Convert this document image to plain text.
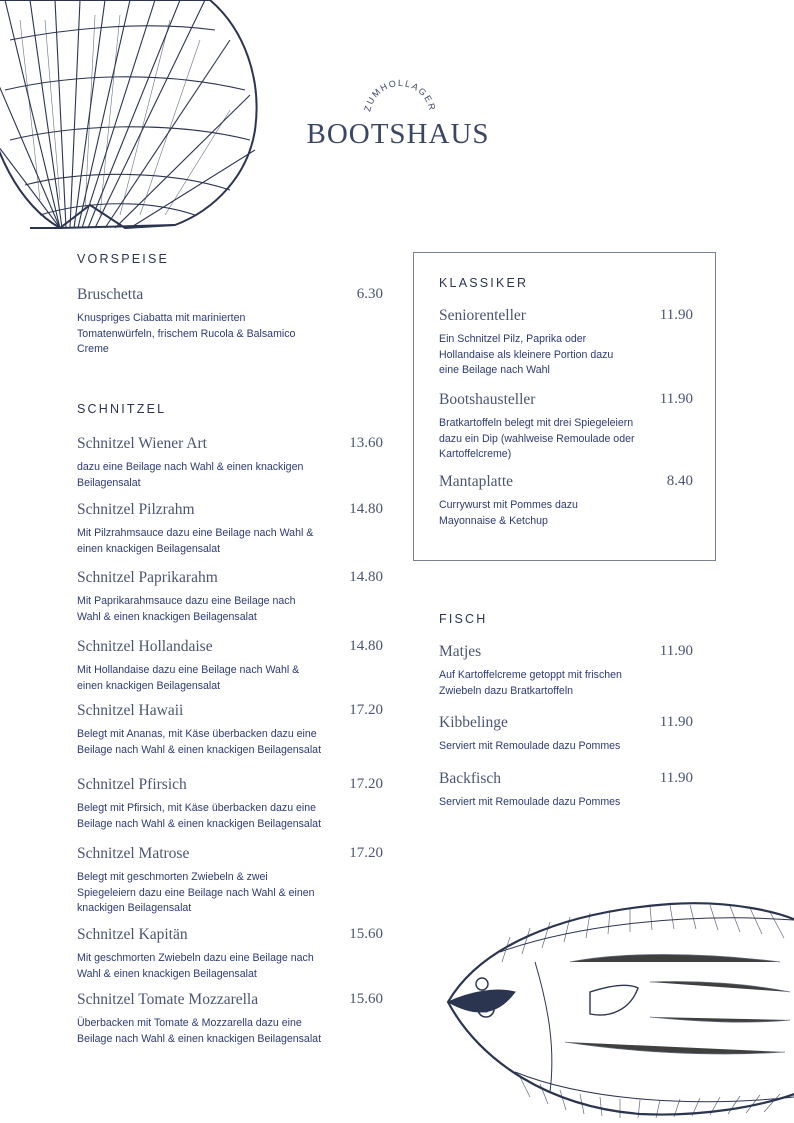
ZUMHOLLAGER
BOOTSHAUS
VORSPEISE
Bruschetta	6.30
Knuspriges Ciabatta mit marinierten
Tomatenwürfeln, frischem Rucola & Balsamico
Creme
SCHNITZEL
Schnitzel Wiener Art	13.60
dazu eine Beilage nach Wahl & einen knackigen
Beilagensalat
Schnitzel Pilzrahm	14.80
Mit Pilzrahmsauce dazu eine Beilage nach Wahl &
einen knackigen Beilagensalat
Schnitzel Paprikarahm	14.80
Mit Paprikarahmsauce dazu eine Beilage nach
Wahl & einen knackigen Beilagensalat
Schnitzel Hollandaise	14.80
Mit Hollandaise dazu eine Beilage nach Wahl &
einen knackigen Beilagensalat
Schnitzel Hawaii	17.20
Belegt mit Ananas, mit Käse überbacken dazu eine
Beilage nach Wahl & einen knackigen Beilagensalat
Schnitzel Pfirsich	17.20
Belegt mit Pfirsich, mit Käse überbacken dazu eine
Beilage nach Wahl & einen knackigen Beilagensalat
Schnitzel Matrose	17.20
Belegt mit geschmorten Zwiebeln & zwei
Spiegeleiern dazu eine Beilage nach Wahl & einen
knackigen Beilagensalat
Schnitzel Kapitän	15.60
Mit geschmorten Zwiebeln dazu eine Beilage nach
Wahl & einen knackigen Beilagensalat
Schnitzel Tomate Mozzarella	15.60
Überbacken mit Tomate & Mozzarella dazu eine
Beilage nach Wahl & einen knackigen Beilagensalat
KLASSIKER
Seniorenteller	11.90
Ein Schnitzel Pilz, Paprika oder
Hollandaise als kleinere Portion dazu
eine Beilage nach Wahl
Bootshausteller	11.90
Bratkartoffeln belegt mit drei Spiegeleiern
dazu ein Dip (wahlweise Remoulade oder
Kartoffelcreme)
Mantaplatte	8.40
Currywurst mit Pommes dazu
Mayonnaise & Ketchup
FISCH
Matjes	11.90
Auf Kartoffelcreme getoppt mit frischen
Zwiebeln dazu Bratkartoffeln
Kibbelinge	11.90
Serviert mit Remoulade dazu Pommes
Backfisch	11.90
Serviert mit Remoulade dazu Pommes
